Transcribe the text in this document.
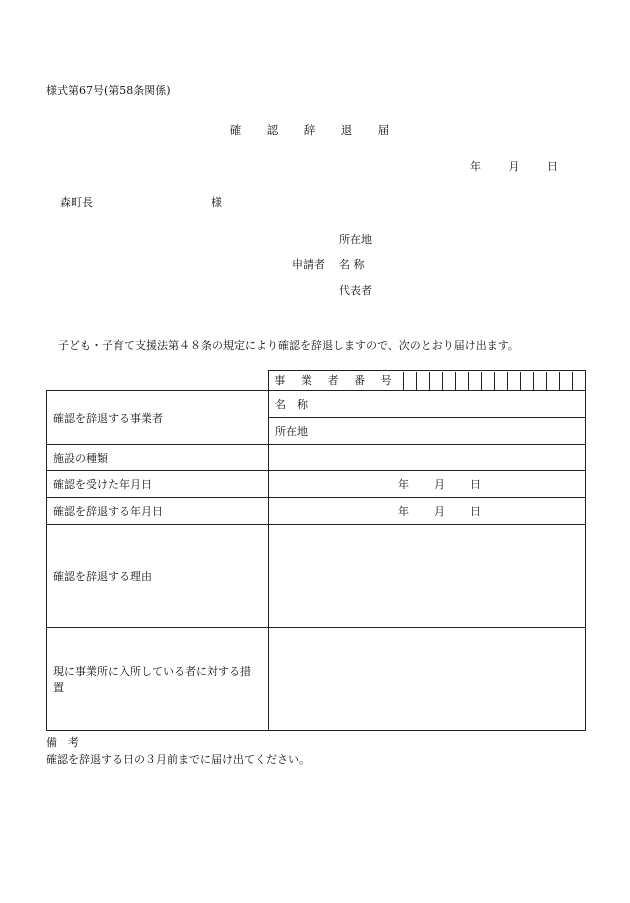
様式第67号(第58条関係)
確 認 辞 退 届
年	月	日
森町長	様
所在地
申請者 名 称
代表者
子ども・子育て支援法第４８条の規定により確認を辞退しますので、次のとおり届け出ます。

	事 業 者 番 号

確認を辞退する事業者	名　称
	所在地
施設の種類	
確認を受けた年月日	年 月 日

確認を辞退する年月日	年 月 日

確認を辞退する理由	
現に事業所に入所している者に対する措置	
備　考
確認を辞退する日の３月前までに届け出てください。
